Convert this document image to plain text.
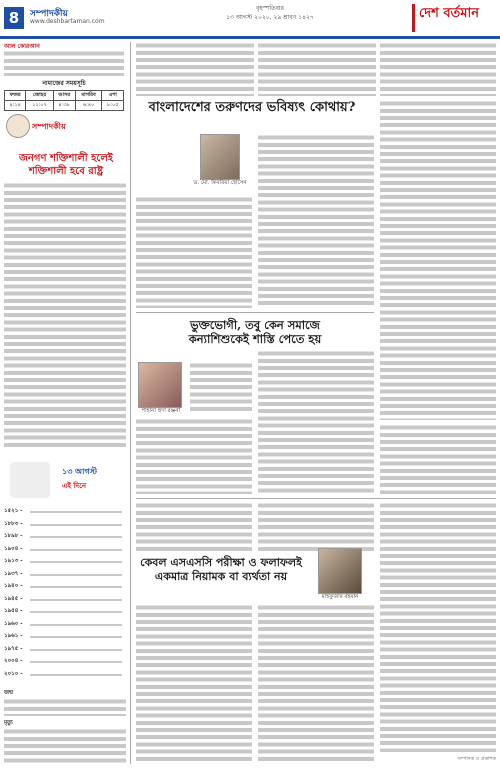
8	সম্পাদকীয়
www.deshbartaman.com
বৃহস্পতিবার
১৩ আগস্ট ২০২০, ২৯ শ্রাবণ ১৪২৭	দেশ বর্তমান
আল কোরআন
নামাজের সময়সূচি
ফজর	জোহর	আসর	মাগরিব	এশা
৪:১৪	১২:০৭	৪:৩৮	৬:৪০	৮:০৫
সম্পাদকীয়
জনগণ শক্তিশালী হলেই
শক্তিশালী হবে রাষ্ট্র
১৩ আগস্ট
এই দিনে
১৫২১ -
১৮৮৩ -
১৮৯৮ -
১৯০৪ -
১৯১৩ -
১৯৩৭ -
১৯৪০ -
১৯৪৫ -
১৯৫৪ -
১৯৬০ -
১৯৬১ -
১৯৭৫ -
২০০৪ -
২০১০ -
জন্ম
মৃত্যু
বাংলাদেশের তরুণদের ভবিষ্যৎ কোথায়?
ড. মো. কিবরিয়া হোসেন
ভুক্তভোগী, তবু কেন সমাজে
কন্যাশিশুকেই শাস্তি পেতে হয়
শাহানা হুদা রঞ্জনা
কেবল এসএসসি পরীক্ষা ও ফলাফলই
একমাত্র নিয়ামক বা ব্যর্থতা নয়
মাহফুজার রহমান
সম্পাদক ও প্রকাশক
